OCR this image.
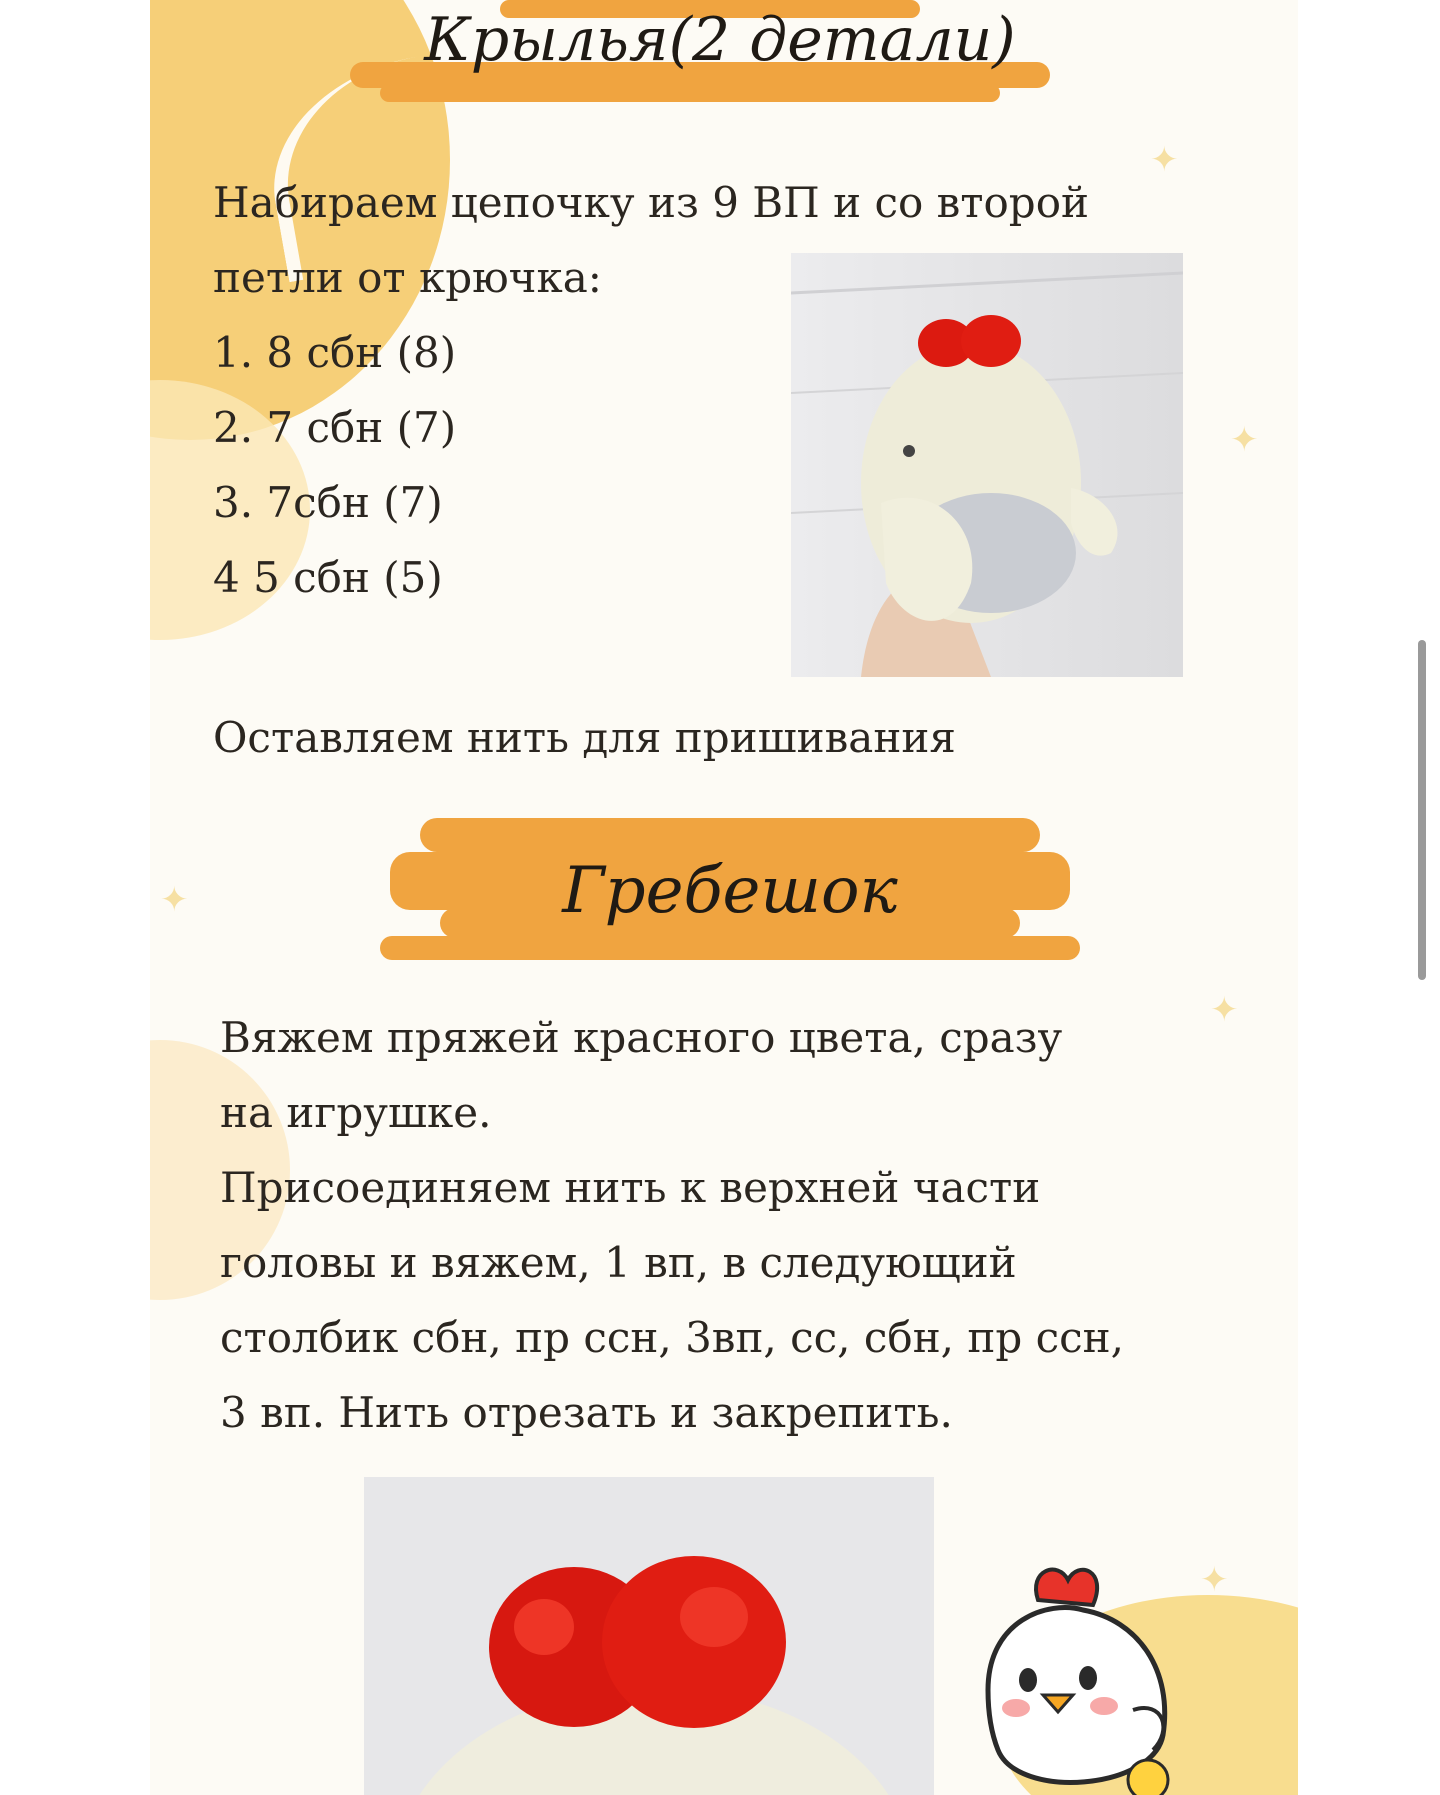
✦
✦
✦
✦
✦
Крылья(2 детали)

Набираем цепочку из 9 ВП и со второй

петли от крючка:

1. 8 сбн (8)

2. 7 сбн (7)

3. 7сбн (7)

4 5 сбн (5)

Оставляем нить для пришивания
Гребешок

Вяжем пряжей красного цвета, сразу

на игрушке.

Присоединяем нить к верхней части

головы и вяжем, 1 вп, в следующий

столбик сбн, пр ссн, 3вп, сс, сбн, пр ссн,

3 вп. Нить отрезать и закрепить.
